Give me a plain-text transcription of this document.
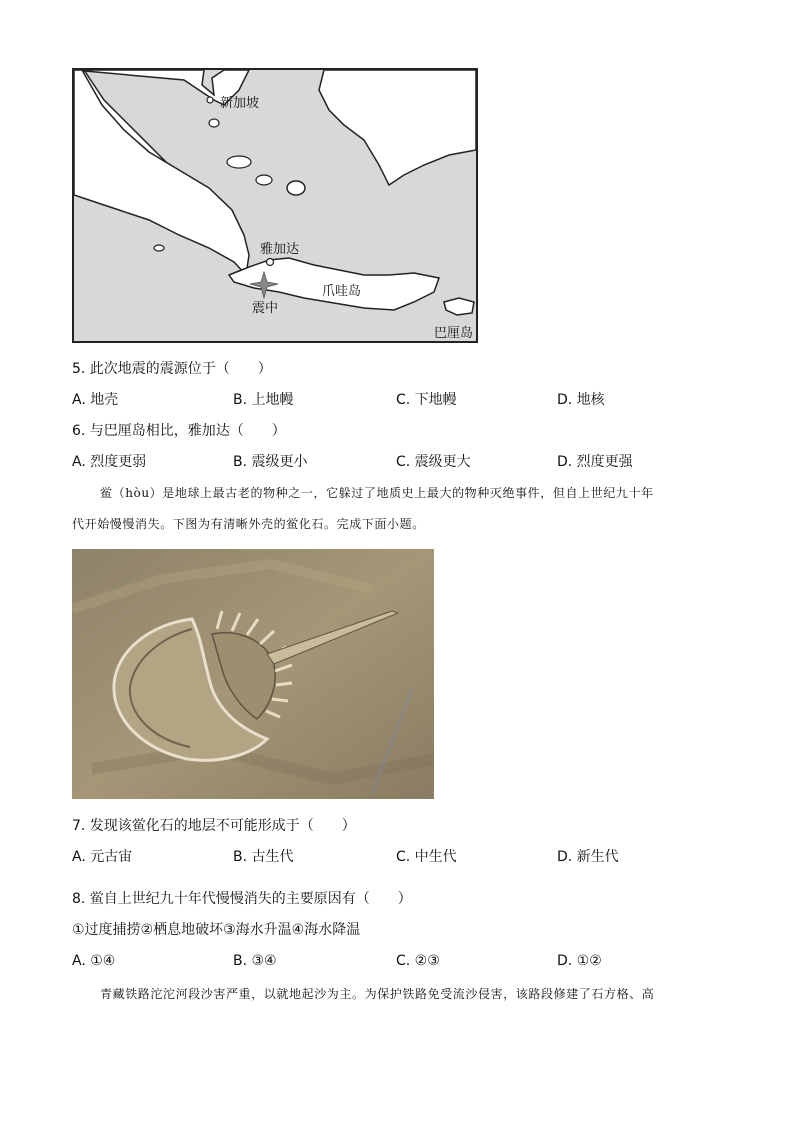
新加坡
雅加达
爪哇岛
震中
巴厘岛
5. 此次地震的震源位于（　　）
A. 地壳	B. 上地幔	C. 下地幔	D. 地核
6. 与巴厘岛相比，雅加达（　　）
A. 烈度更弱	B. 震级更小	C. 震级更大	D. 烈度更强
鲎（hòu）是地球上最古老的物种之一，它躲过了地质史上最大的物种灭绝事件，但自上世纪九十年
代开始慢慢消失。下图为有清晰外壳的鲎化石。完成下面小题。
7. 发现该鲎化石的地层不可能形成于（　　）
A. 元古宙	B. 古生代	C. 中生代	D. 新生代
8. 鲎自上世纪九十年代慢慢消失的主要原因有（　　）
①过度捕捞②栖息地破坏③海水升温④海水降温
A. ①④	B. ③④	C. ②③	D. ①②
青藏铁路沱沱河段沙害严重，以就地起沙为主。为保护铁路免受流沙侵害，该路段修建了石方格、高
